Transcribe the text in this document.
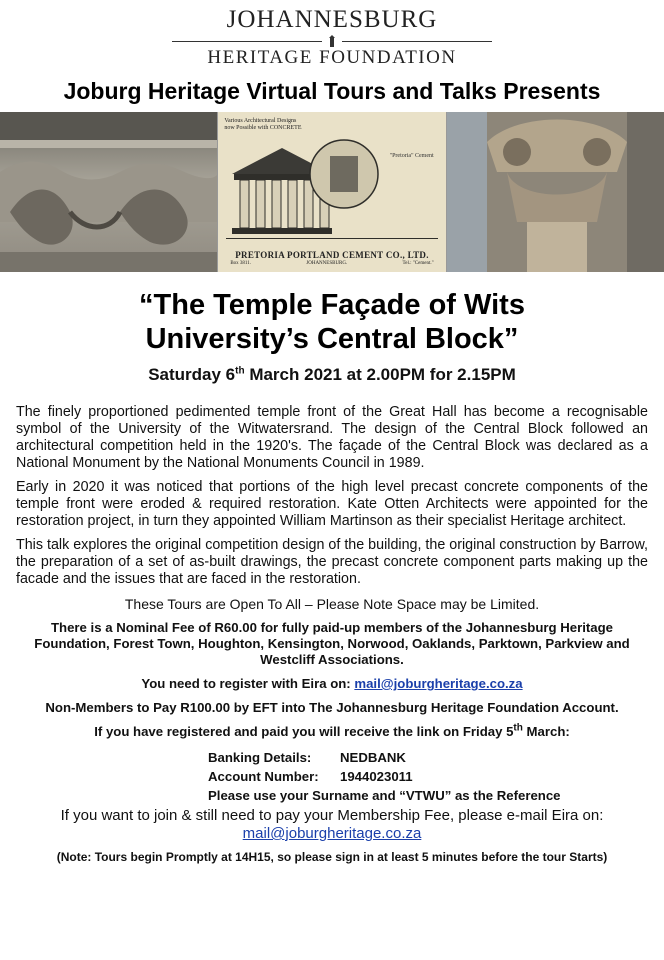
JOHANNESBURG
HERITAGE FOUNDATION
Joburg Heritage Virtual Tours and Talks Presents
Various Architectural Designs now Possible with CONCRETE
"Pretoria" Cement
PRETORIA PORTLAND CEMENT CO., LTD.
Box 3811.	JOHANNESBURG.	Tel.: "Cement."
“The Temple Façade of Wits
University’s Central Block”
Saturday 6th March 2021 at 2.00PM for 2.15PM
The finely proportioned pedimented temple front of the Great Hall has become a recognisable symbol of the University of the Witwatersrand. The design of the Central Block followed an architectural competition held in the 1920's. The façade of the Central Block was declared as a National Monument by the National Monuments Council in 1989.
Early in 2020 it was noticed that portions of the high level precast concrete components of the temple front were eroded & required restoration. Kate Otten Architects were appointed for the restoration project, in turn they appointed William Martinson as their specialist Heritage architect.
This talk explores the original competition design of the building, the original construction by Barrow, the preparation of a set of as-built drawings, the precast concrete component parts making up the facade and the issues that are faced in the restoration.
These Tours are Open To All – Please Note Space may be Limited.
There is a Nominal Fee of R60.00 for fully paid-up members of the Johannesburg Heritage Foundation, Forest Town, Houghton, Kensington, Norwood, Oaklands, Parktown, Parkview and Westcliff Associations.
You need to register with Eira on: mail@joburgheritage.co.za
Non-Members to Pay R100.00 by EFT into The Johannesburg Heritage Foundation Account.
If you have registered and paid you will receive the link on Friday 5th March:
Banking Details: NEDBANK
Account Number: 1944023011
Please use your Surname and “VTWU” as the Reference
If you want to join & still need to pay your Membership Fee, please e-mail Eira on:
mail@joburgheritage.co.za
(Note: Tours begin Promptly at 14H15, so please sign in at least 5 minutes before the tour Starts)
